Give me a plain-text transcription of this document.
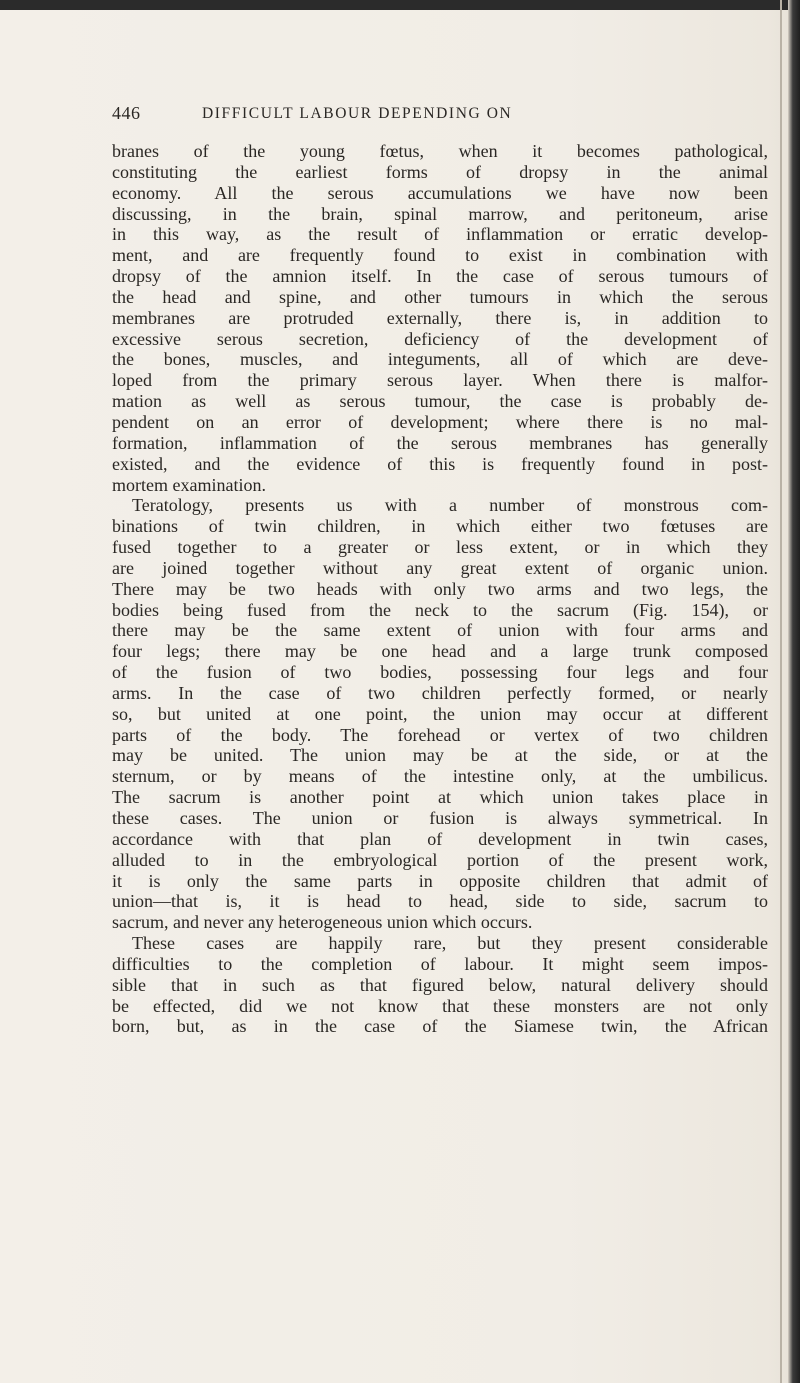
446	DIFFICULT LABOUR DEPENDING ON

branes of the young fœtus, when it becomes pathological,
constituting the earliest forms of dropsy in the animal
economy. All the serous accumulations we have now been
discussing, in the brain, spinal marrow, and peritoneum, arise
in this way, as the result of inflammation or erratic develop-
ment, and are frequently found to exist in combination with
dropsy of the amnion itself. In the case of serous tumours of
the head and spine, and other tumours in which the serous
membranes are protruded externally, there is, in addition to
excessive serous secretion, deficiency of the development of
the bones, muscles, and integuments, all of which are deve-
loped from the primary serous layer. When there is malfor-
mation as well as serous tumour, the case is probably de-
pendent on an error of development; where there is no mal-
formation, inflammation of the serous membranes has generally
existed, and the evidence of this is frequently found in post-
mortem examination.

Teratology, presents us with a number of monstrous com-
binations of twin children, in which either two fœtuses are
fused together to a greater or less extent, or in which they
are joined together without any great extent of organic union.
There may be two heads with only two arms and two legs, the
bodies being fused from the neck to the sacrum (Fig. 154), or
there may be the same extent of union with four arms and
four legs; there may be one head and a large trunk composed
of the fusion of two bodies, possessing four legs and four
arms. In the case of two children perfectly formed, or nearly
so, but united at one point, the union may occur at different
parts of the body. The forehead or vertex of two children
may be united. The union may be at the side, or at the
sternum, or by means of the intestine only, at the umbilicus.
The sacrum is another point at which union takes place in
these cases. The union or fusion is always symmetrical. In
accordance with that plan of development in twin cases,
alluded to in the embryological portion of the present work,
it is only the same parts in opposite children that admit of
union—that is, it is head to head, side to side, sacrum to
sacrum, and never any heterogeneous union which occurs.

These cases are happily rare, but they present considerable
difficulties to the completion of labour. It might seem impos-
sible that in such as that figured below, natural delivery should
be effected, did we not know that these monsters are not only
born, but, as in the case of the Siamese twin, the African
